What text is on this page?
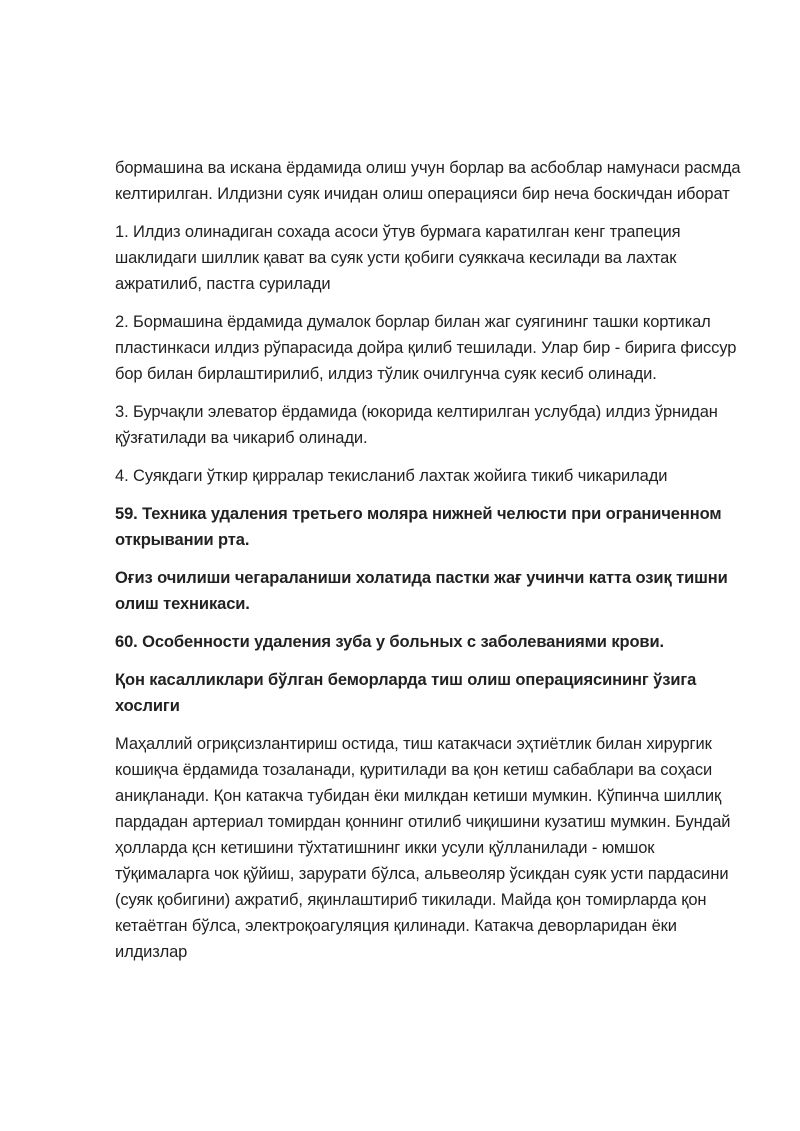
бормашина ва искана ёрдамида олиш учун борлар ва асбоблар намунаси расмда келтирилган. Илдизни суяк ичидан олиш операцияси бир неча боскичдан иборат

1. Илдиз олинадиган сохада асоси ўтув бурмага каратилган кенг трапеция шаклидаги шиллик қават ва суяк усти қобиги суяккача кесилади ва лахтак ажратилиб, пастга сурилади

2. Бормашина ёрдамида думалок борлар билан жаг суягининг ташки кортикал пластинкаси илдиз рўпарасида дойра қилиб тешилади. Улар бир - бирига фиссур бор билан бирлаштирилиб, илдиз тўлик очилгунча суяк кесиб олинади.

3. Бурчақли элеватор ёрдамида (юкорида келтирилган услубда) илдиз ўрнидан қўзғатилади ва чикариб олинади.

4. Суякдаги ўткир қирралар текисланиб лахтак жойига тикиб чикарилади

59. Техника удаления третьего моляра нижней челюсти при ограниченном открывании рта.

Оғиз очилиши чегараланиши холатида пастки жағ учинчи катта озиқ тишни олиш техникаси.

60. Особенности удаления зуба у больных с заболеваниями крови.

Қон касалликлари бўлган беморларда тиш олиш операциясининг ўзига хослиги

Маҳаллий огриқсизлантириш остида, тиш катакчаси эҳтиётлик билан хирургик кошиқча ёрдамида тозаланади, қуритилади ва қон кетиш сабаблари ва соҳаси аниқланади. Қон катакча тубидан ёки милкдан кетиши мумкин. Кўпинча шиллиқ пардадан артериал томирдан қоннинг отилиб чиқишини кузатиш мумкин. Бундай ҳолларда қсн кетишини тўхтатишнинг икки усули қўлланилади - юмшок тўқималарга чок қўйиш, зарурати бўлса, альвеоляр ўсикдан суяк усти пардасини (суяк қобигини) ажратиб, яқинлаштириб тикилади. Майда қон томирларда қон кетаётган бўлса, электроқоагуляция қилинади. Катакча деворларидан ёки илдизлар
